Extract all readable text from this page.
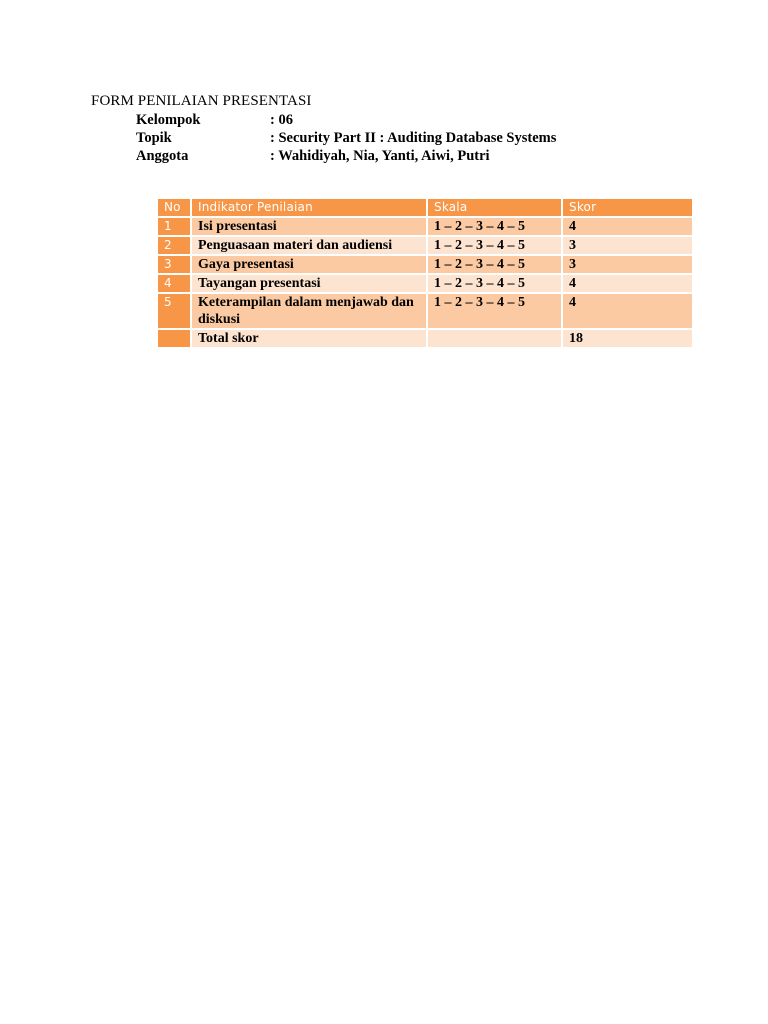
FORM PENILAIAN PRESENTASI
Kelompok	: 06
Topik	: Security Part II : Auditing Database Systems
Anggota	: Wahidiyah, Nia, Yanti, Aiwi, Putri
No	Indikator Penilaian	Skala	Skor
1	Isi presentasi	1 – 2 – 3 – 4 – 5	4
2	Penguasaan materi dan audiensi	1 – 2 – 3 – 4 – 5	3
3	Gaya presentasi	1 – 2 – 3 – 4 – 5	3
4	Tayangan presentasi	1 – 2 – 3 – 4 – 5	4
5	Keterampilan dalam menjawab dan diskusi	1 – 2 – 3 – 4 – 5	4
	Total skor		18
